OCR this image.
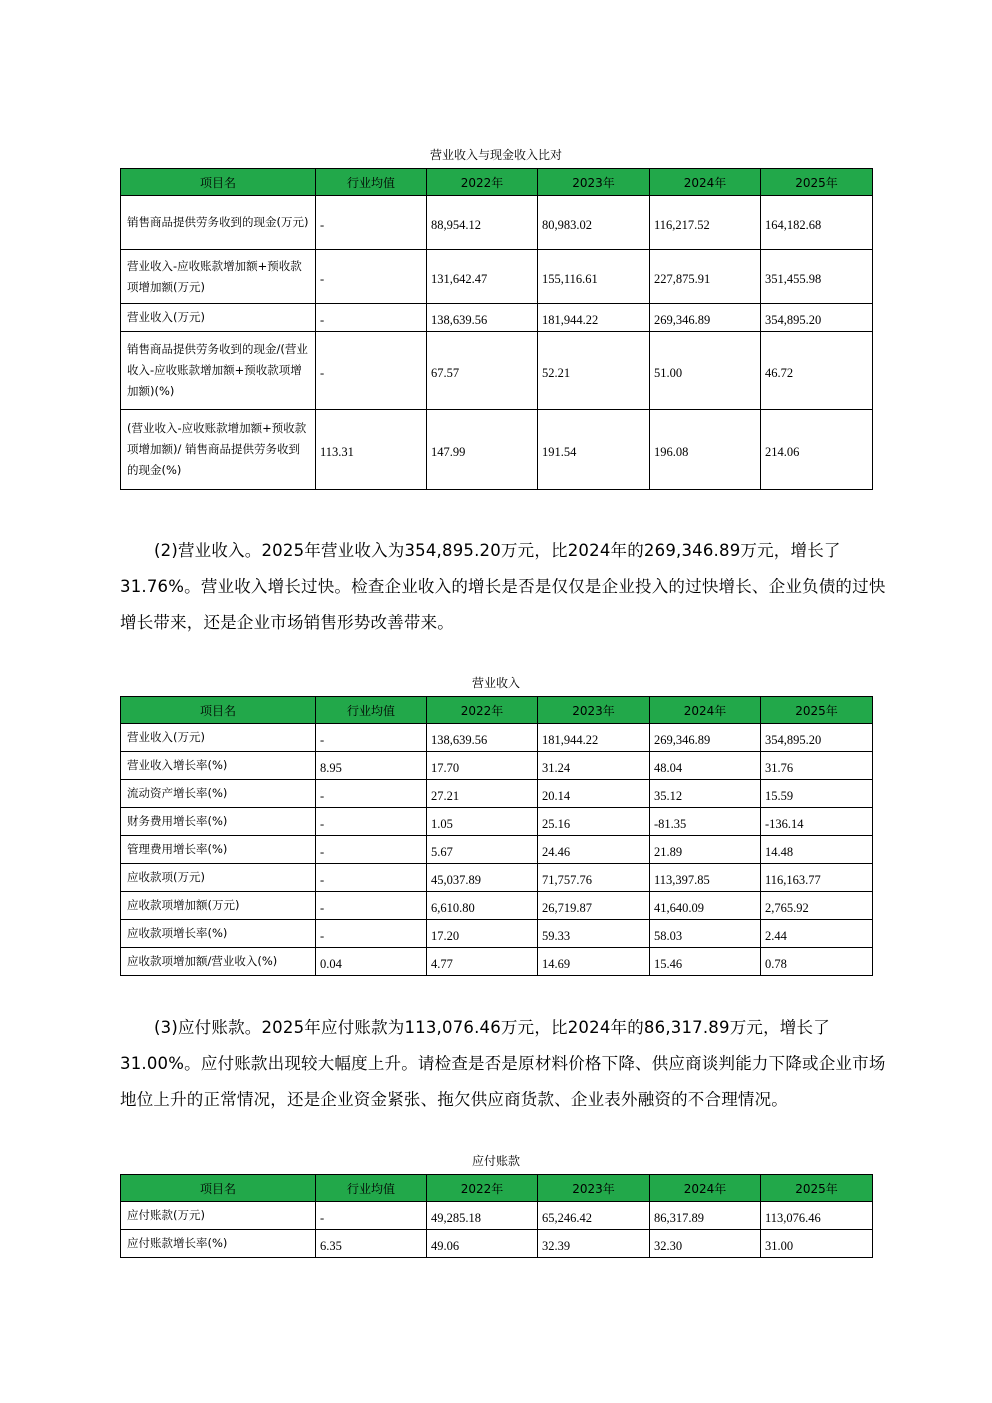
营业收入与现金收入比对
项目名	行业均值	2022年	2023年	2024年	2025年
销售商品提供劳务收到的现金(万元)	-	88,954.12	80,983.02	116,217.52	164,182.68
营业收入-应收账款增加额+预收款项增加额(万元)	-	131,642.47	155,116.61	227,875.91	351,455.98
营业收入(万元)	-	138,639.56	181,944.22	269,346.89	354,895.20
销售商品提供劳务收到的现金/(营业收入-应收账款增加额+预收款项增加额)(%)	-	67.57	52.21	51.00	46.72
(营业收入-应收账款增加额+预收款项增加额)/ 销售商品提供劳务收到的现金(%)	113.31	147.99	191.54	196.08	214.06
(2)营业收入。2025年营业收入为354,895.20万元，比2024年的269,346.89万元，增长了31.76%。营业收入增长过快。检查企业收入的增长是否是仅仅是企业投入的过快增长、企业负债的过快增长带来，还是企业市场销售形势改善带来。
营业收入
项目名	行业均值	2022年	2023年	2024年	2025年
营业收入(万元)	-	138,639.56	181,944.22	269,346.89	354,895.20
营业收入增长率(%)	8.95	17.70	31.24	48.04	31.76
流动资产增长率(%)	-	27.21	20.14	35.12	15.59
财务费用增长率(%)	-	1.05	25.16	-81.35	-136.14
管理费用增长率(%)	-	5.67	24.46	21.89	14.48
应收款项(万元)	-	45,037.89	71,757.76	113,397.85	116,163.77
应收款项增加额(万元)	-	6,610.80	26,719.87	41,640.09	2,765.92
应收款项增长率(%)	-	17.20	59.33	58.03	2.44
应收款项增加额/营业收入(%)	0.04	4.77	14.69	15.46	0.78
(3)应付账款。2025年应付账款为113,076.46万元，比2024年的86,317.89万元，增长了31.00%。应付账款出现较大幅度上升。请检查是否是原材料价格下降、供应商谈判能力下降或企业市场地位上升的正常情况，还是企业资金紧张、拖欠供应商货款、企业表外融资的不合理情况。
应付账款
项目名	行业均值	2022年	2023年	2024年	2025年
应付账款(万元)	-	49,285.18	65,246.42	86,317.89	113,076.46
应付账款增长率(%)	6.35	49.06	32.39	32.30	31.00
